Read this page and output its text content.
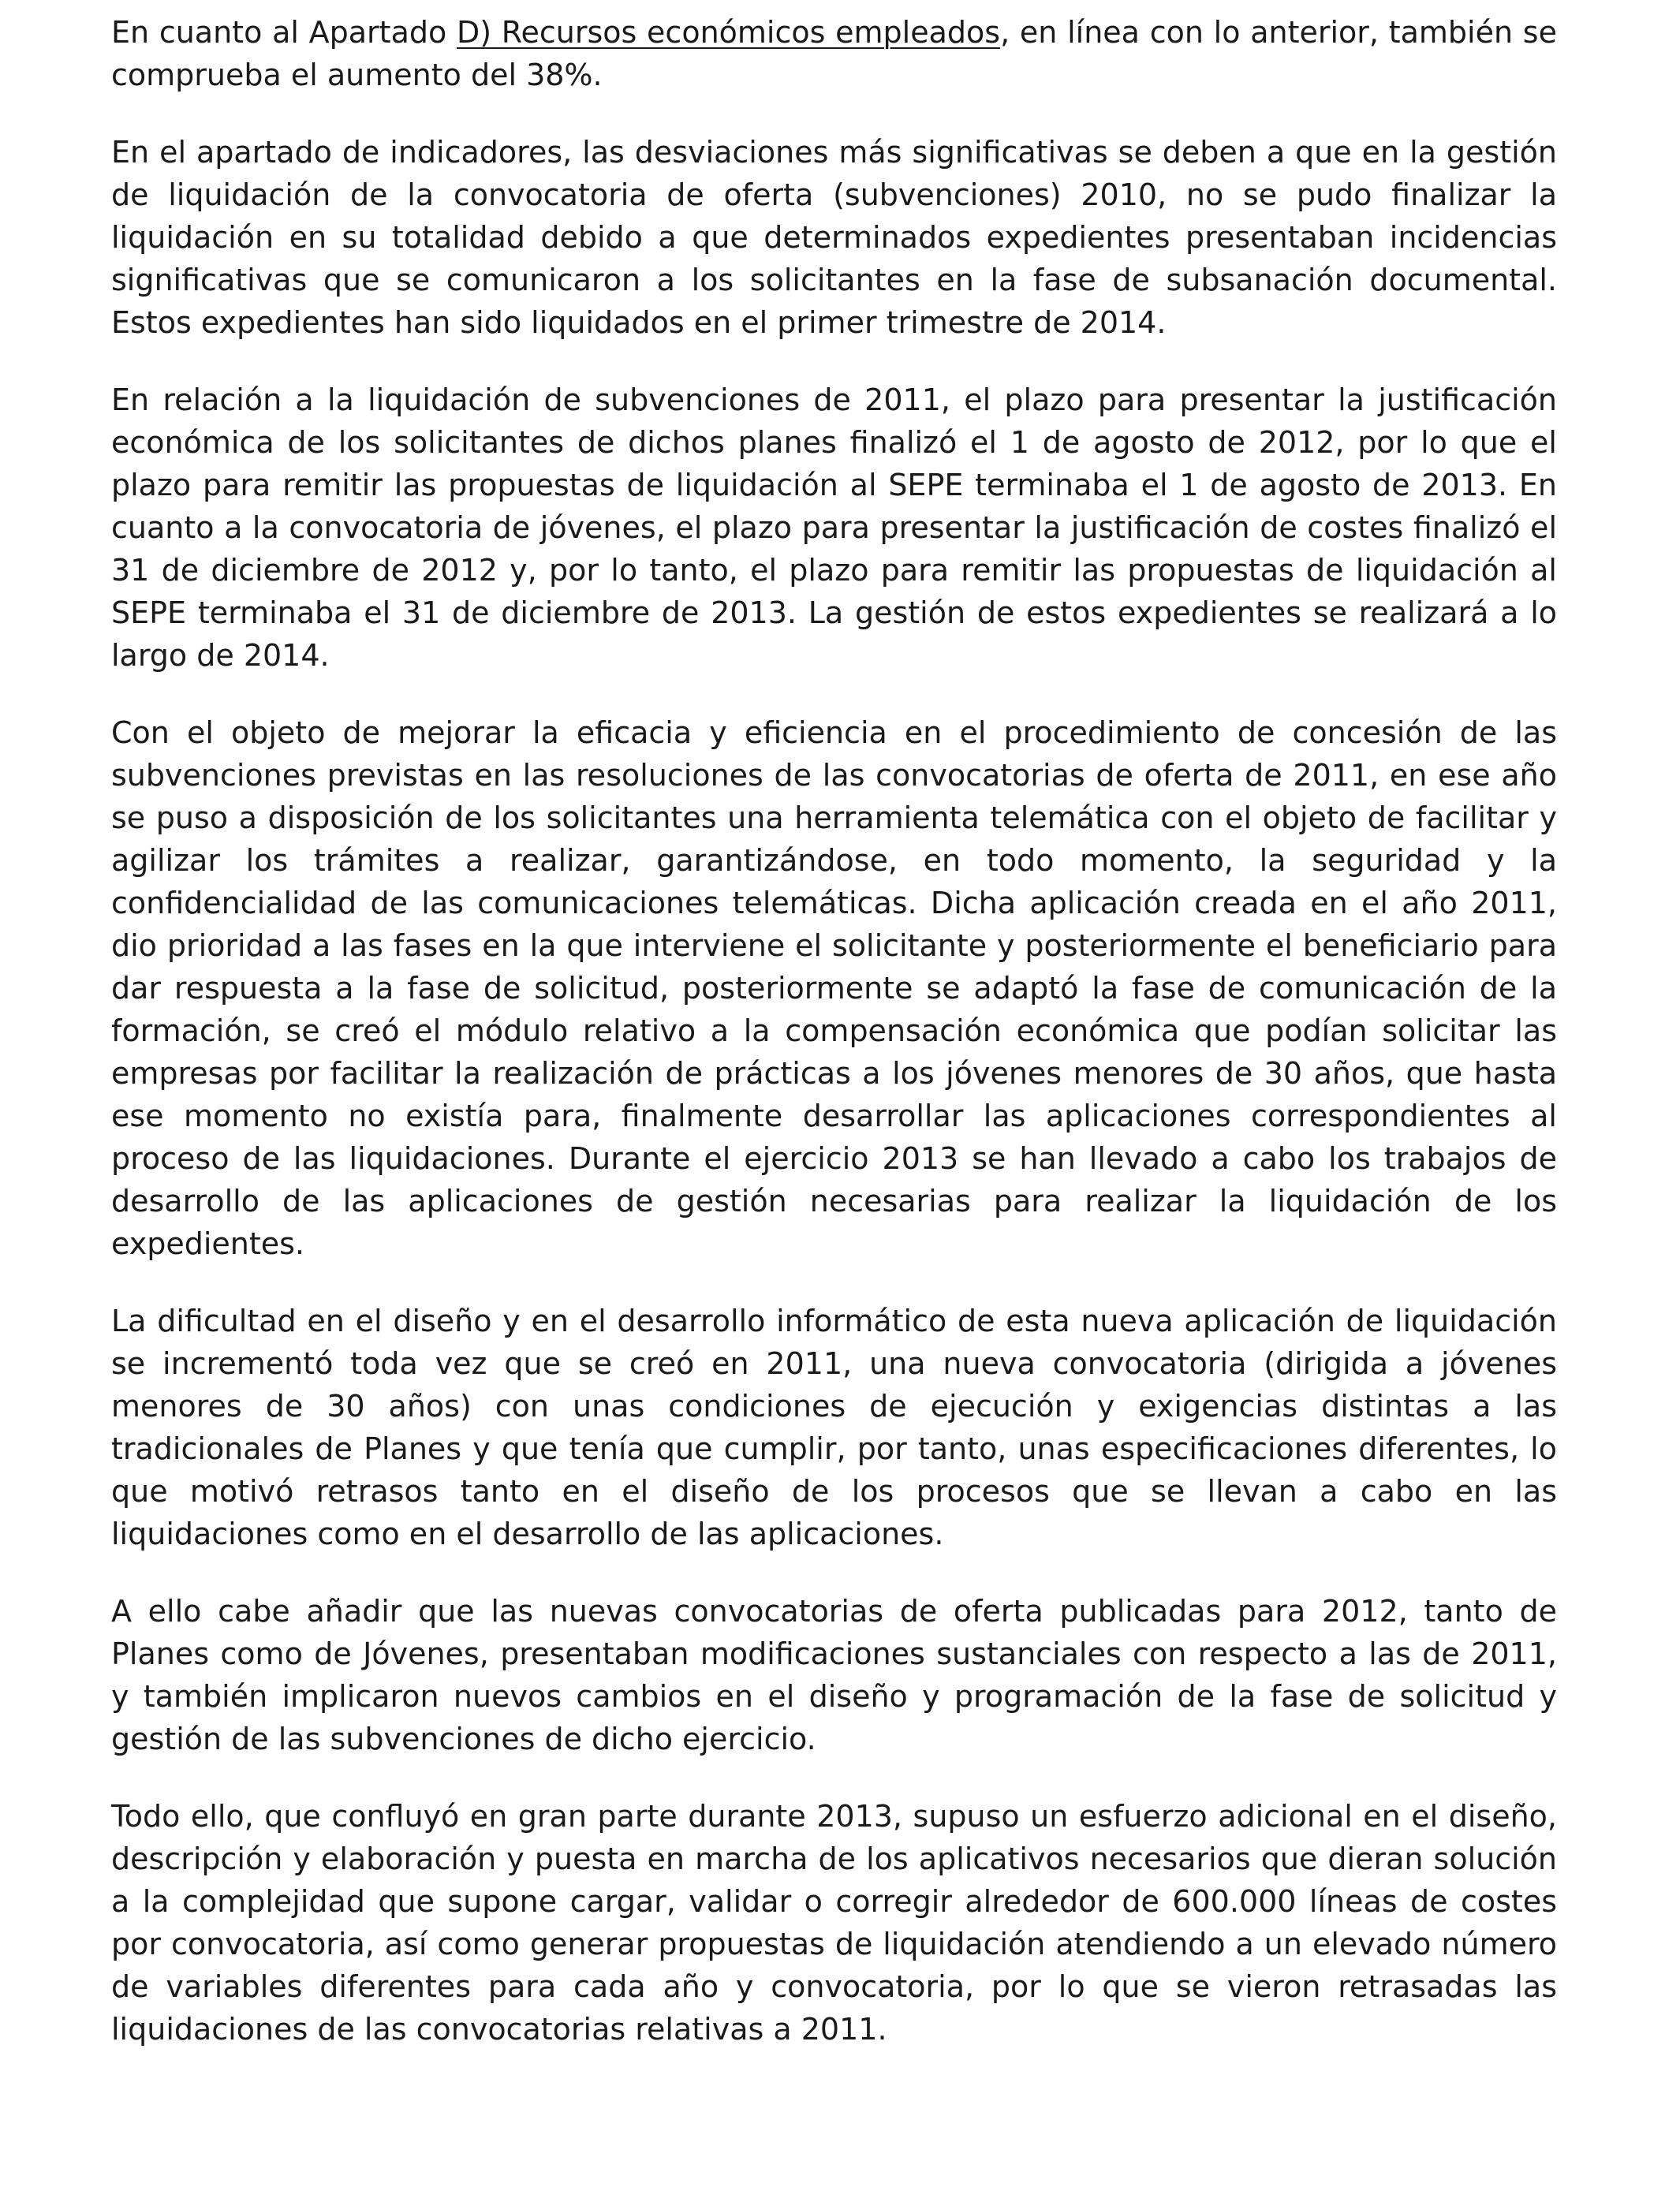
En cuanto al Apartado D) Recursos económicos empleados, en línea con lo anterior, también se comprueba el aumento del 38%.

En el apartado de indicadores, las desviaciones más significativas se deben a que en la gestión de liquidación de la convocatoria de oferta (subvenciones) 2010, no se pudo finalizar la liquidación en su totalidad debido a que determinados expedientes presentaban incidencias significativas que se comunicaron a los solicitantes en la fase de subsanación documental. Estos expedientes han sido liquidados en el primer trimestre de 2014.

En relación a la liquidación de subvenciones de 2011, el plazo para presentar la justificación económica de los solicitantes de dichos planes finalizó el 1 de agosto de 2012, por lo que el plazo para remitir las propuestas de liquidación al SEPE terminaba el 1 de agosto de 2013. En cuanto a la convocatoria de jóvenes, el plazo para presentar la justificación de costes finalizó el 31 de diciembre de 2012 y, por lo tanto, el plazo para remitir las propuestas de liquidación al SEPE terminaba el 31 de diciembre de 2013. La gestión de estos expedientes se realizará a lo largo de 2014.

Con el objeto de mejorar la eficacia y eficiencia en el procedimiento de concesión de las subvenciones previstas en las resoluciones de las convocatorias de oferta de 2011, en ese año se puso a disposición de los solicitantes una herramienta telemática con el objeto de facilitar y agilizar los trámites a realizar, garantizándose, en todo momento, la seguridad y la confidencialidad de las comunicaciones telemáticas. Dicha aplicación creada en el año 2011, dio prioridad a las fases en la que interviene el solicitante y posteriormente el beneficiario para dar respuesta a la fase de solicitud, posteriormente se adaptó la fase de comunicación de la formación, se creó el módulo relativo a la compensación económica que podían solicitar las empresas por facilitar la realización de prácticas a los jóvenes menores de 30 años, que hasta ese momento no existía para, finalmente desarrollar las aplicaciones correspondientes al proceso de las liquidaciones. Durante el ejercicio 2013 se han llevado a cabo los trabajos de desarrollo de las aplicaciones de gestión necesarias para realizar la liquidación de los expedientes.

La dificultad en el diseño y en el desarrollo informático de esta nueva aplicación de liquidación se incrementó toda vez que se creó en 2011, una nueva convocatoria (dirigida a jóvenes menores de 30 años) con unas condiciones de ejecución y exigencias distintas a las tradicionales de Planes y que tenía que cumplir, por tanto, unas especificaciones diferentes, lo que motivó retrasos tanto en el diseño de los procesos que se llevan a cabo en las liquidaciones como en el desarrollo de las aplicaciones.

A ello cabe añadir que las nuevas convocatorias de oferta publicadas para 2012, tanto de Planes como de Jóvenes, presentaban modificaciones sustanciales con respecto a las de 2011, y también implicaron nuevos cambios en el diseño y programación de la fase de solicitud y gestión de las subvenciones de dicho ejercicio.

Todo ello, que confluyó en gran parte durante 2013, supuso un esfuerzo adicional en el diseño, descripción y elaboración y puesta en marcha de los aplicativos necesarios que dieran solución a la complejidad que supone cargar, validar o corregir alrededor de 600.000 líneas de costes por convocatoria, así como generar propuestas de liquidación atendiendo a un elevado número de variables diferentes para cada año y convocatoria, por lo que se vieron retrasadas las liquidaciones de las convocatorias relativas a 2011.
